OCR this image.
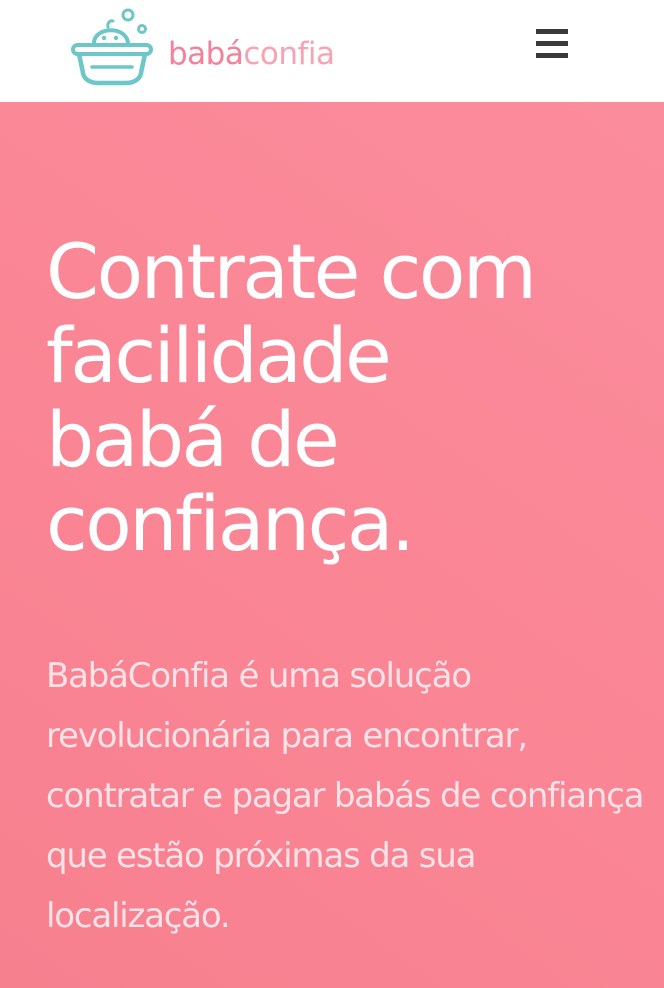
babáconfia
Contrate com
facilidade
babá de
confiança.

BabáConfia é uma solução revolucionária para encontrar, contratar e pagar babás de confiança que estão próximas da sua localização.
